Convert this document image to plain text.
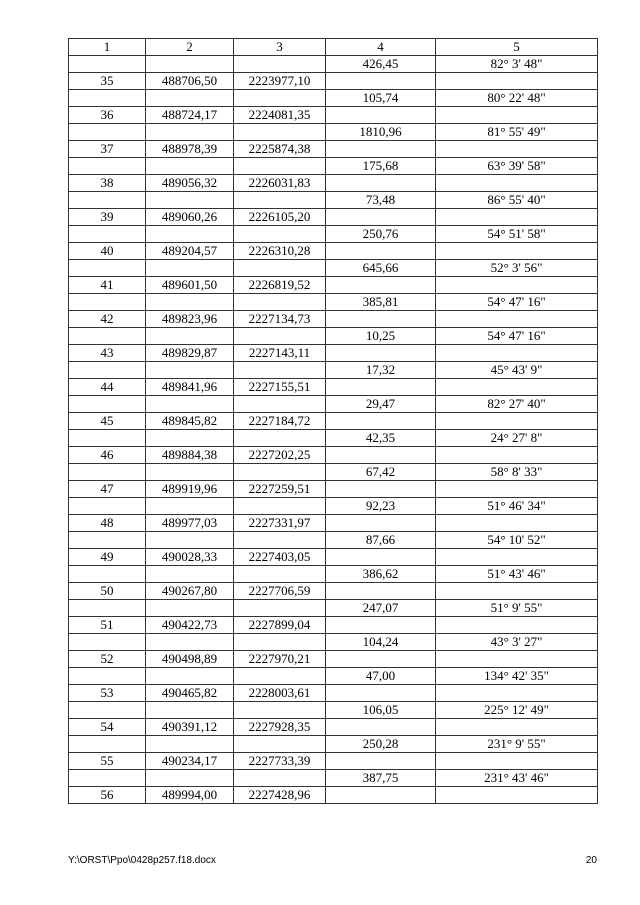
1	2	3	4	5
			426,45	82° 3' 48"
35	488706,50	2223977,10		
			105,74	80° 22' 48"
36	488724,17	2224081,35		
			1810,96	81° 55' 49"
37	488978,39	2225874,38		
			175,68	63° 39' 58"
38	489056,32	2226031,83		
			73,48	86° 55' 40"
39	489060,26	2226105,20		
			250,76	54° 51' 58"
40	489204,57	2226310,28		
			645,66	52° 3' 56"
41	489601,50	2226819,52		
			385,81	54° 47' 16"
42	489823,96	2227134,73		
			10,25	54° 47' 16"
43	489829,87	2227143,11		
			17,32	45° 43' 9"
44	489841,96	2227155,51		
			29,47	82° 27' 40"
45	489845,82	2227184,72		
			42,35	24° 27' 8"
46	489884,38	2227202,25		
			67,42	58° 8' 33"
47	489919,96	2227259,51		
			92,23	51° 46' 34"
48	489977,03	2227331,97		
			87,66	54° 10' 52"
49	490028,33	2227403,05		
			386,62	51° 43' 46"
50	490267,80	2227706,59		
			247,07	51° 9' 55"
51	490422,73	2227899,04		
			104,24	43° 3' 27"
52	490498,89	2227970,21		
			47,00	134° 42' 35"
53	490465,82	2228003,61		
			106,05	225° 12' 49"
54	490391,12	2227928,35		
			250,28	231° 9' 55"
55	490234,17	2227733,39		
			387,75	231° 43' 46"
56	489994,00	2227428,96		
Y:\ORST\Ppo\0428p257.f18.docx	20
